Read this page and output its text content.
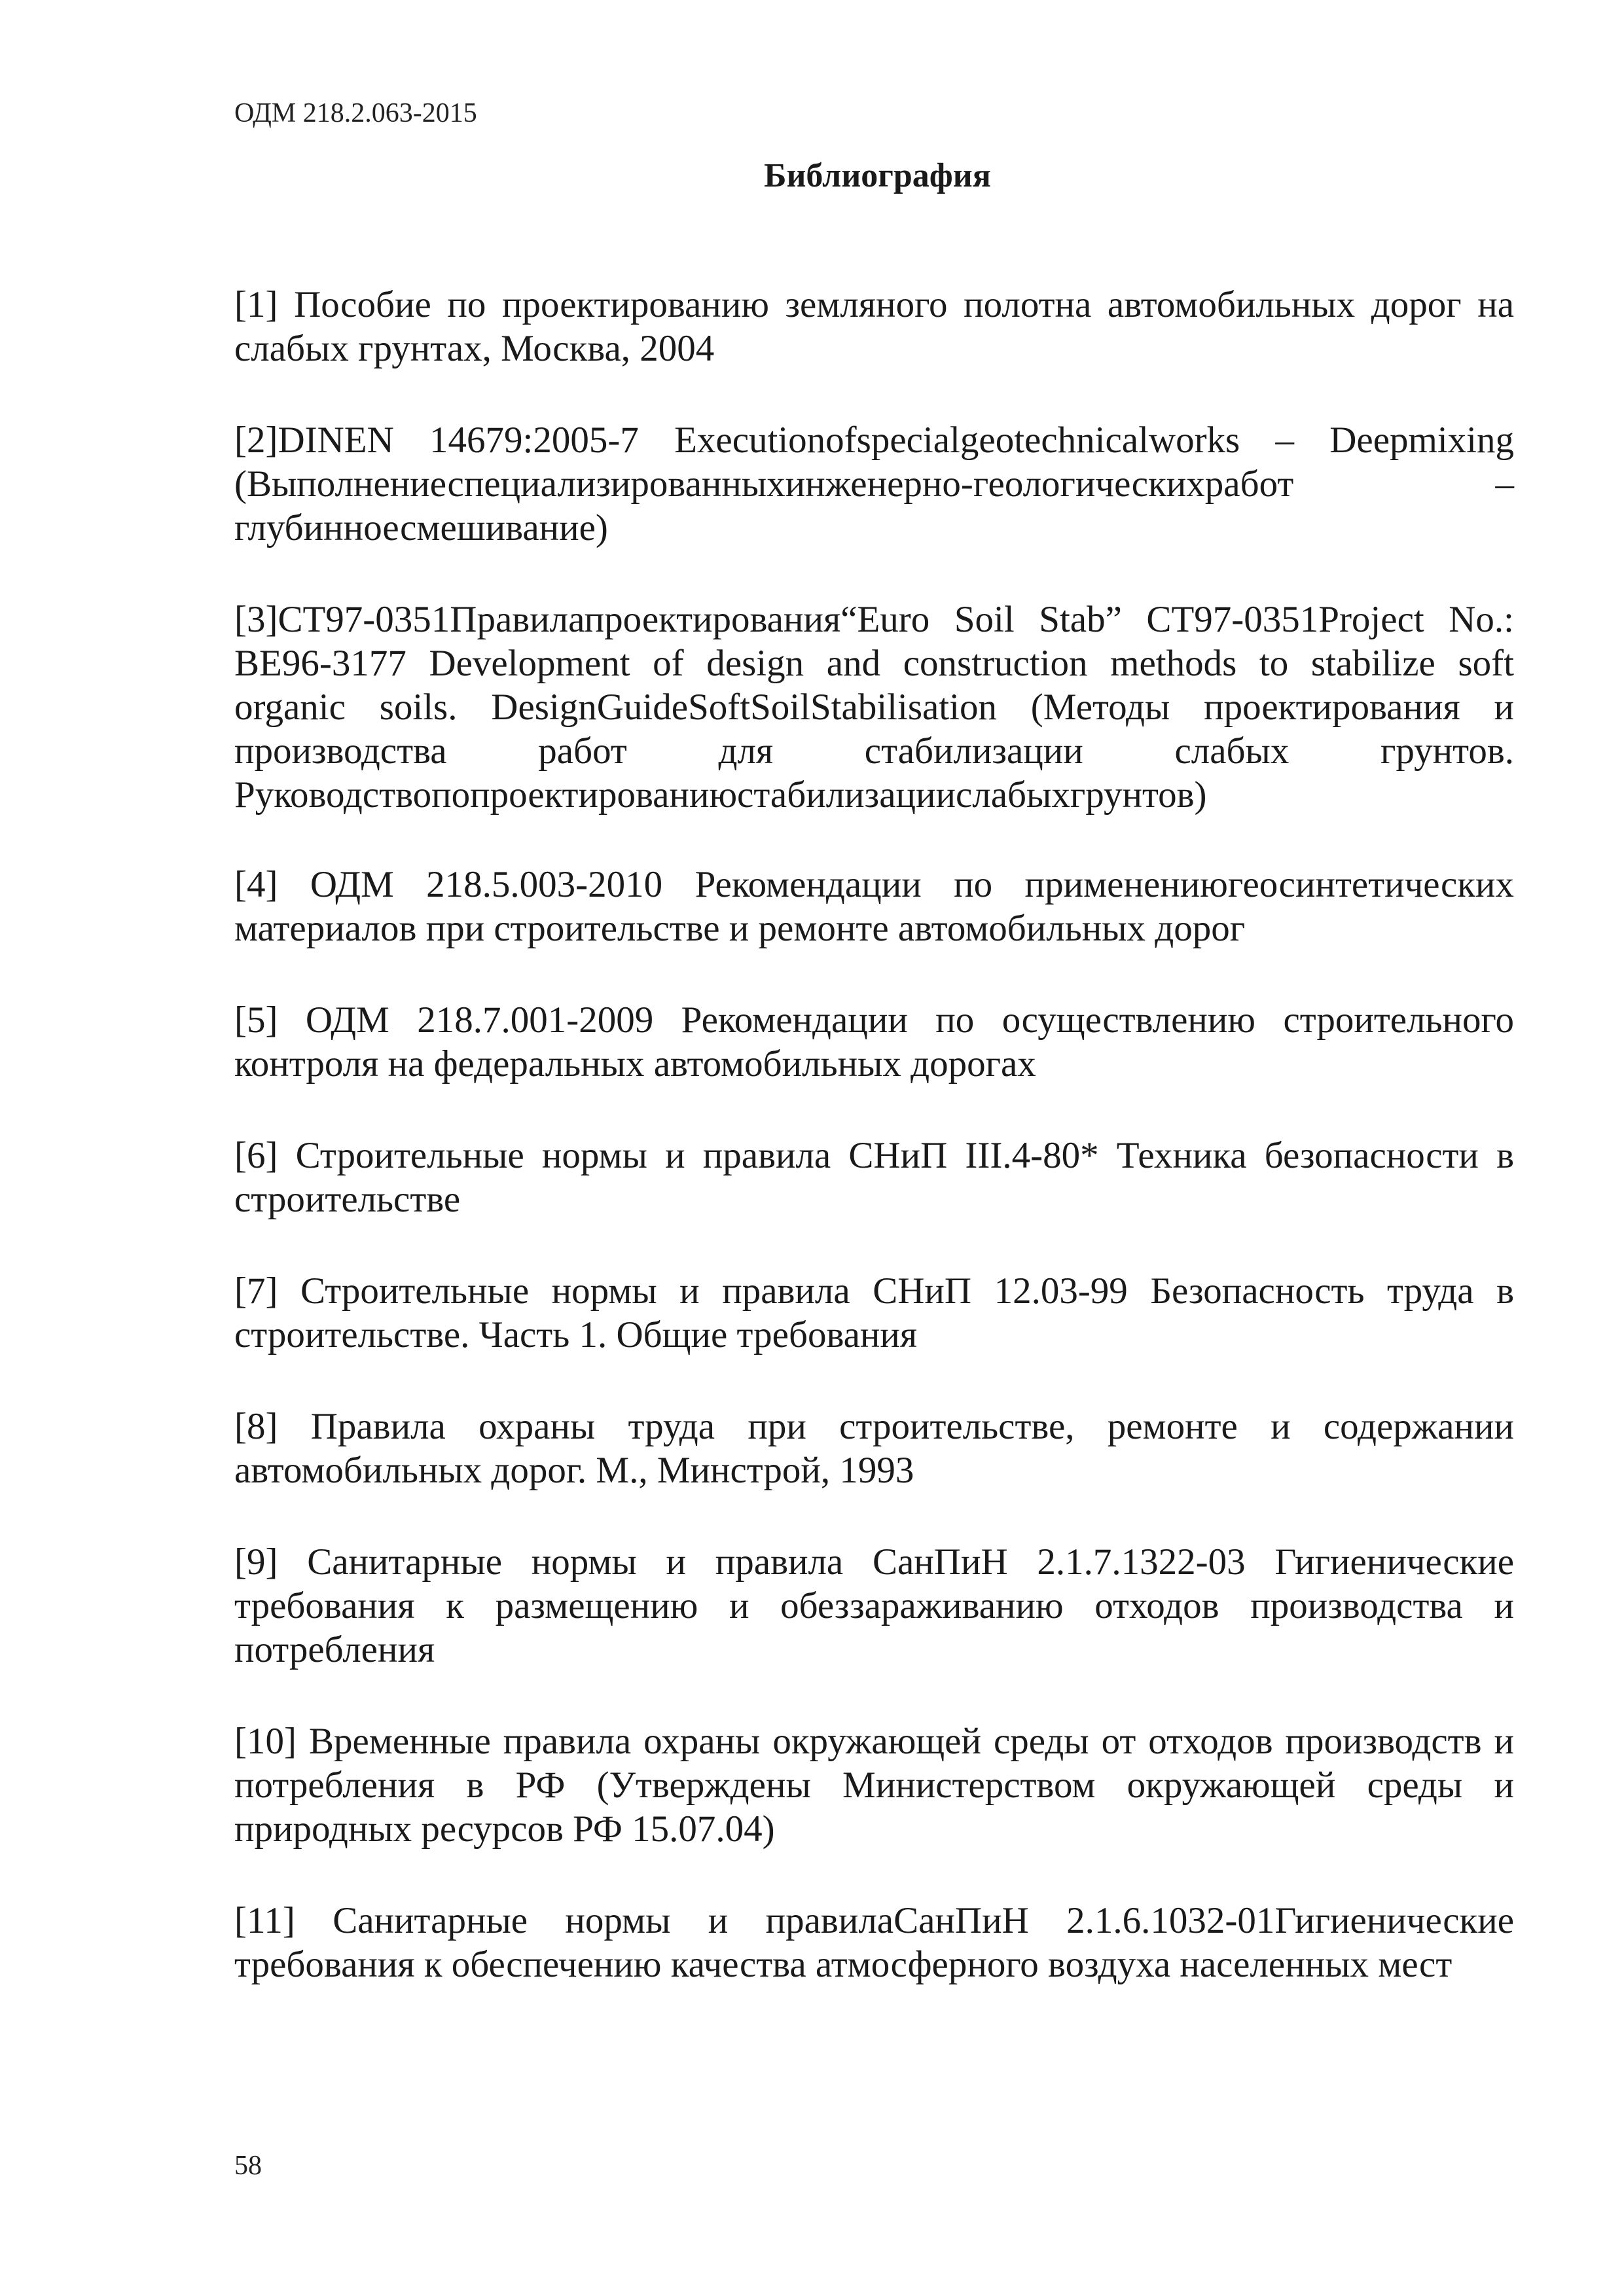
ОДМ 218.2.063-2015
Библиография
[1] Пособие по проектированию земляного полотна автомобильных дорог на слабых грунтах, Москва, 2004
[2]DINEN 14679:2005-7 Executionofspecialgeotechnicalworks – Deepmixing (Выполнениеспециализированныхинженерно-геологическихработ – глубинноесмешивание)
[3]CT97-0351Правилапроектирования“Euro Soil Stab” CT97-0351Project No.: BE96-3177 Development of design and construction methods to stabilize soft organic soils. DesignGuideSoftSoilStabilisation (Методы проектирования и производства работ для стабилизации слабых грунтов. Руководствопопроектированиюстабилизациислабыхгрунтов)
[4] ОДМ 218.5.003-2010 Рекомендации по применениюгеосинтетических материалов при строительстве и ремонте автомобильных дорог
[5] ОДМ 218.7.001-2009 Рекомендации по осуществлению строительного контроля на федеральных автомобильных дорогах
[6] Строительные нормы и правила СНиП III.4-80* Техника безопасности в строительстве
[7] Строительные нормы и правила СНиП 12.03-99 Безопасность труда в строительстве. Часть 1. Общие требования
[8] Правила охраны труда при строительстве, ремонте и содержании автомобильных дорог. М., Минстрой, 1993
[9] Санитарные нормы и правила СанПиН 2.1.7.1322-03 Гигиенические требования к размещению и обеззараживанию отходов производства и потребления
[10] Временные правила охраны окружающей среды от отходов производств и потребления в РФ (Утверждены Министерством окружающей среды и природных ресурсов РФ 15.07.04)
[11] Санитарные нормы и правилаСанПиН 2.1.6.1032-01Гигиенические требования к обеспечению качества атмосферного воздуха населенных мест
58
